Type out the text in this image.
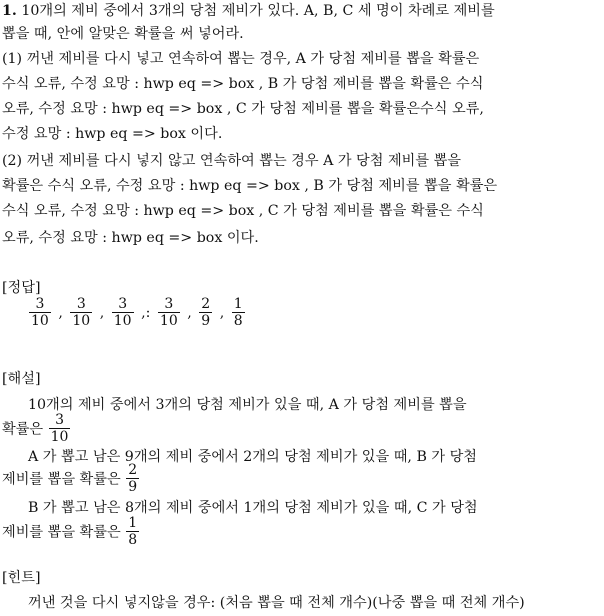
1. 10개의 제비 중에서 3개의 당첨 제비가 있다. A, B, C 세 명이 차례로 제비를
뽑을 때, 안에 알맞은 확률을 써 넣어라.
(1) 꺼낸 제비를 다시 넣고 연속하여 뽑는 경우, A 가 당첨 제비를 뽑을 확률은
수식 오류, 수정 요망 : hwp eq => box , B 가 당첨 제비를 뽑을 확률은 수식
오류, 수정 요망 : hwp eq => box , C 가 당첨 제비를 뽑을 확률은수식 오류,
수정 요망 : hwp eq => box 이다.
(2) 꺼낸 제비를 다시 넣지 않고 연속하여 뽑는 경우 A 가 당첨 제비를 뽑을
확률은 수식 오류, 수정 요망 : hwp eq => box , B 가 당첨 제비를 뽑을 확률은
수식 오류, 수정 요망 : hwp eq => box , C 가 당첨 제비를 뽑을 확률은 수식
오류, 수정 요망 : hwp eq => box 이다.
[정답]
$\frac{3}{10}$ , $\frac{3}{10}$ , $\frac{3}{10}$ ,: $\frac{3}{10}$ , $\frac{2}{9}$ , $\frac{1}{8}$
[해설]
10개의 제비 중에서 3개의 당첨 제비가 있을 때, A 가 당첨 제비를 뽑을
확률은 $\frac{3}{10}$
A 가 뽑고 남은 9개의 제비 중에서 2개의 당첨 제비가 있을 때, B 가 당첨
제비를 뽑을 확률은 $\frac{2}{9}$
B 가 뽑고 남은 8개의 제비 중에서 1개의 당첨 제비가 있을 때, C 가 당첨
제비를 뽑을 확률은 $\frac{1}{8}$
[힌트]
꺼낸 것을 다시 넣지않을 경우: (처음 뽑을 때 전체 개수)(나중 뽑을 때 전체 개수)
